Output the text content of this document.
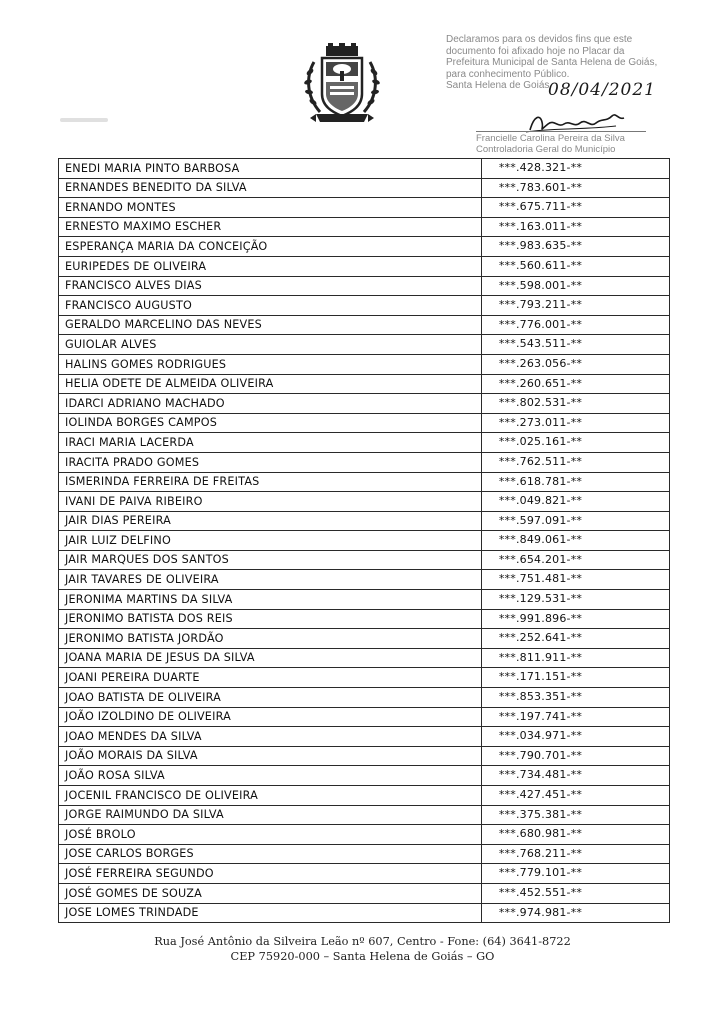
Declaramos para os devidos fins que este
documento foi afixado hoje no Placar da
Prefeitura Municipal de Santa Helena de Goiás,
para conhecimento Público.
Santa Helena de Goiás
08/04/2021
Francielle Carolina Pereira da Silva
Controladoria Geral do Município
ENEDI MARIA PINTO BARBOSA	***.428.321-**
ERNANDES BENEDITO DA SILVA	***.783.601-**
ERNANDO MONTES	***.675.711-**
ERNESTO MAXIMO ESCHER	***.163.011-**
ESPERANÇA MARIA DA CONCEIÇÃO	***.983.635-**
EURIPEDES DE OLIVEIRA	***.560.611-**
FRANCISCO ALVES DIAS	***.598.001-**
FRANCISCO AUGUSTO	***.793.211-**
GERALDO MARCELINO DAS NEVES	***.776.001-**
GUIOLAR ALVES	***.543.511-**
HALINS GOMES RODRIGUES	***.263.056-**
HELIA ODETE DE ALMEIDA OLIVEIRA	***.260.651-**
IDARCI ADRIANO MACHADO	***.802.531-**
IOLINDA BORGES CAMPOS	***.273.011-**
IRACI MARIA LACERDA	***.025.161-**
IRACITA PRADO GOMES	***.762.511-**
ISMERINDA FERREIRA DE FREITAS	***.618.781-**
IVANI DE PAIVA RIBEIRO	***.049.821-**
JAIR DIAS PEREIRA	***.597.091-**
JAIR LUIZ DELFINO	***.849.061-**
JAIR MARQUES DOS SANTOS	***.654.201-**
JAIR TAVARES DE OLIVEIRA	***.751.481-**
JERONIMA MARTINS DA SILVA	***.129.531-**
JERONIMO BATISTA DOS REIS	***.991.896-**
JERONIMO BATISTA JORDÃO	***.252.641-**
JOANA MARIA DE JESUS DA SILVA	***.811.911-**
JOANI PEREIRA DUARTE	***.171.151-**
JOAO BATISTA DE OLIVEIRA	***.853.351-**
JOÃO IZOLDINO DE OLIVEIRA	***.197.741-**
JOAO MENDES DA SILVA	***.034.971-**
JOÃO MORAIS DA SILVA	***.790.701-**
JOÃO ROSA SILVA	***.734.481-**
JOCENIL FRANCISCO DE OLIVEIRA	***.427.451-**
JORGE RAIMUNDO DA SILVA	***.375.381-**
JOSÉ BROLO	***.680.981-**
JOSE CARLOS BORGES	***.768.211-**
JOSÉ FERREIRA SEGUNDO	***.779.101-**
JOSÉ GOMES DE SOUZA	***.452.551-**
JOSE LOMES TRINDADE	***.974.981-**
Rua José Antônio da Silveira Leão nº 607, Centro - Fone: (64) 3641-8722
CEP 75920-000 – Santa Helena de Goiás – GO
